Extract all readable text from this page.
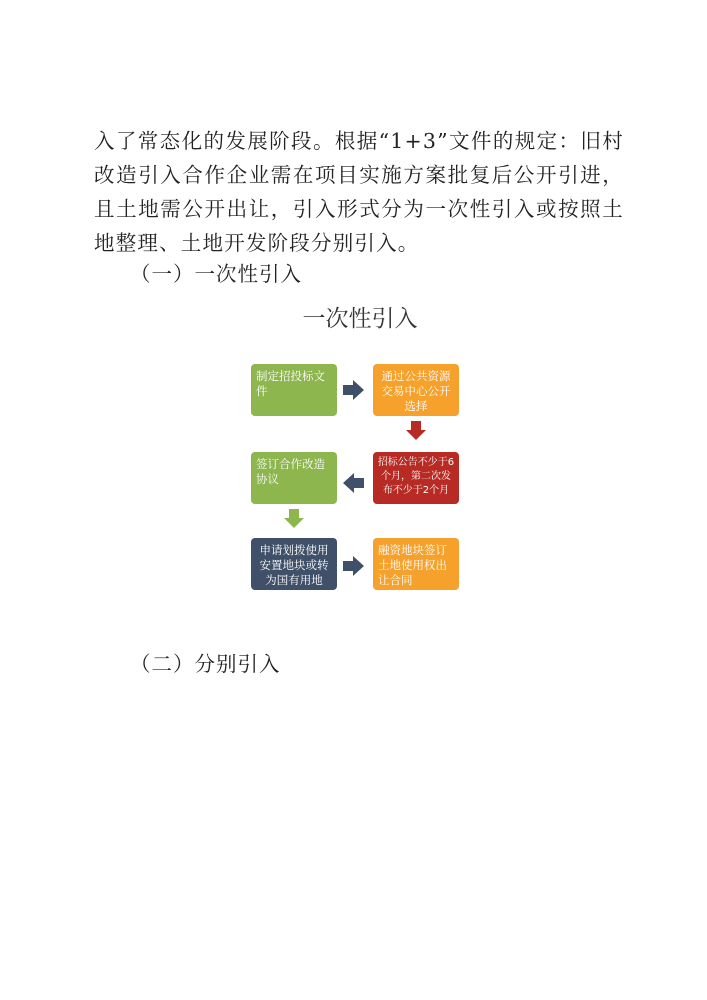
入了常态化的发展阶段。根据“1+3”文件的规定：旧村改造引入合作企业需在项目实施方案批复后公开引进，且土地需公开出让，引入形式分为一次性引入或按照土地整理、土地开发阶段分别引入。
（一）一次性引入
一次性引入
制定招投标文件
通过公共资源交易中心公开选择
签订合作改造协议
招标公告不少于6个月，第二次发布不少于2个月
申请划拨使用安置地块或转为国有用地
融资地块签订土地使用权出让合同
（二）分别引入
